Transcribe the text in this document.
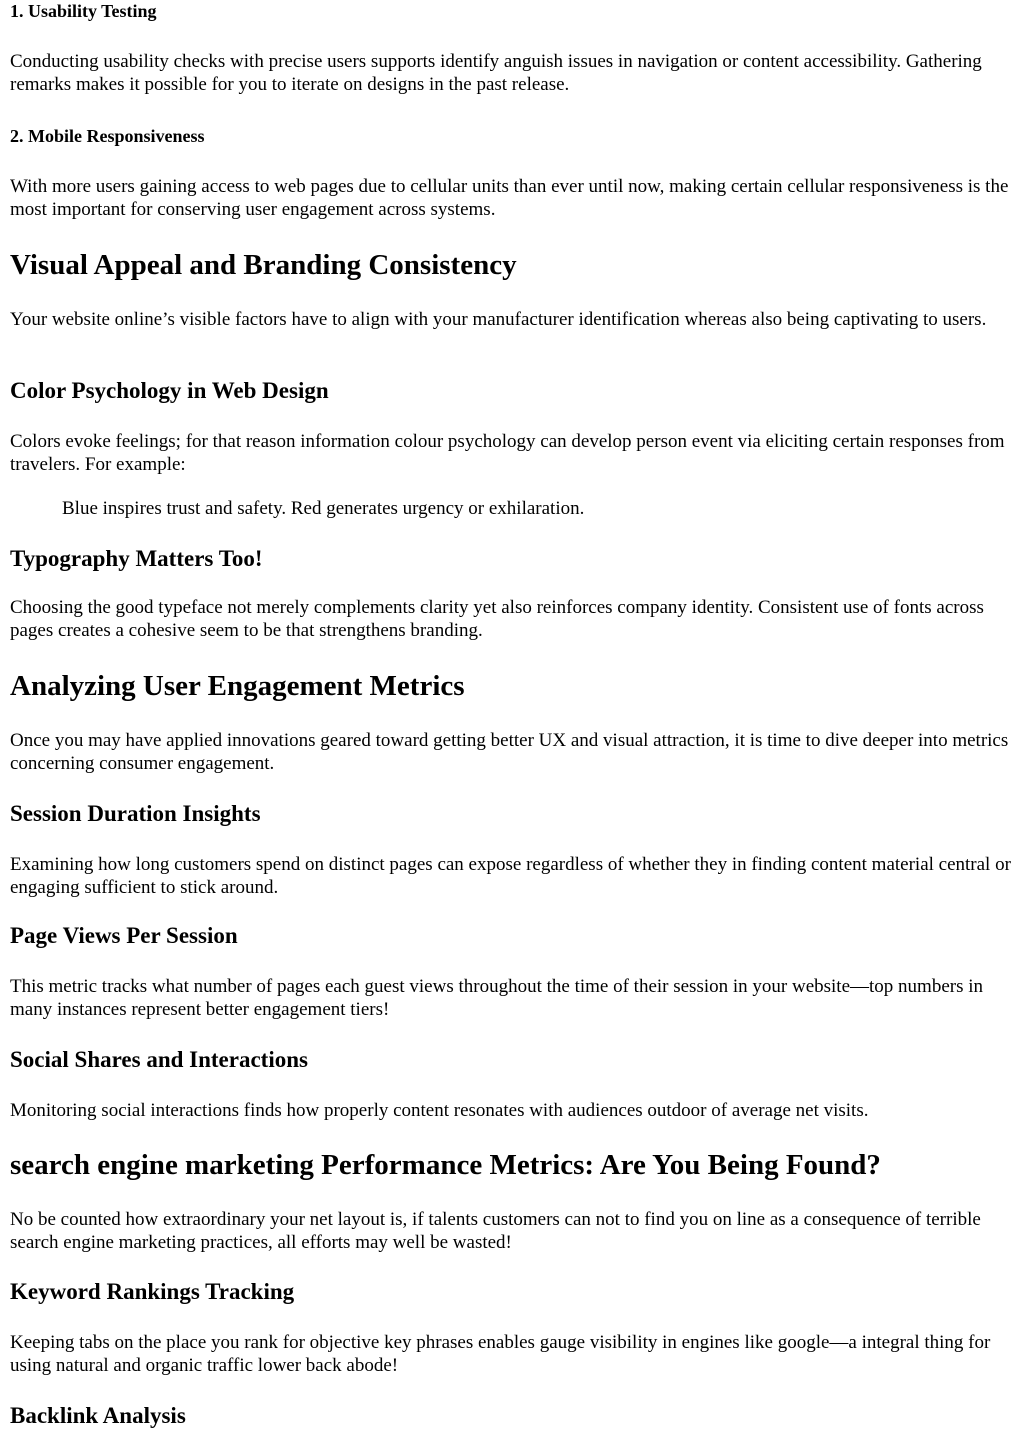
1. Usability Testing

Conducting usability checks with precise users supports identify anguish issues in navigation or content accessibility. Gathering remarks makes it possible for you to iterate on designs in the past release.

2. Mobile Responsiveness

With more users gaining access to web pages due to cellular units than ever until now, making certain cellular responsiveness is the most important for conserving user engagement across systems.

Visual Appeal and Branding Consistency

Your website online’s visible factors have to align with your manufacturer identification whereas also being captivating to users.

Color Psychology in Web Design

Colors evoke feelings; for that reason information colour psychology can develop person event via eliciting certain responses from travelers. For example:

Blue inspires trust and safety. Red generates urgency or exhilaration.

Typography Matters Too!

Choosing the good typeface not merely complements clarity yet also reinforces company identity. Consistent use of fonts across pages creates a cohesive seem to be that strengthens branding.

Analyzing User Engagement Metrics

Once you may have applied innovations geared toward getting better UX and visual attraction, it is time to dive deeper into metrics concerning consumer engagement.

Session Duration Insights

Examining how long customers spend on distinct pages can expose regardless of whether they in finding content material central or engaging sufficient to stick around.

Page Views Per Session

This metric tracks what number of pages each guest views throughout the time of their session in your website—top numbers in many instances represent better engagement tiers!

Social Shares and Interactions

Monitoring social interactions finds how properly content resonates with audiences outdoor of average net visits.

search engine marketing Performance Metrics: Are You Being Found?

No be counted how extraordinary your net layout is, if talents customers can not to find you on line as a consequence of terrible search engine marketing practices, all efforts may well be wasted!

Keyword Rankings Tracking

Keeping tabs on the place you rank for objective key phrases enables gauge visibility in engines like google—a integral thing for using natural and organic traffic lower back abode!

Backlink Analysis
